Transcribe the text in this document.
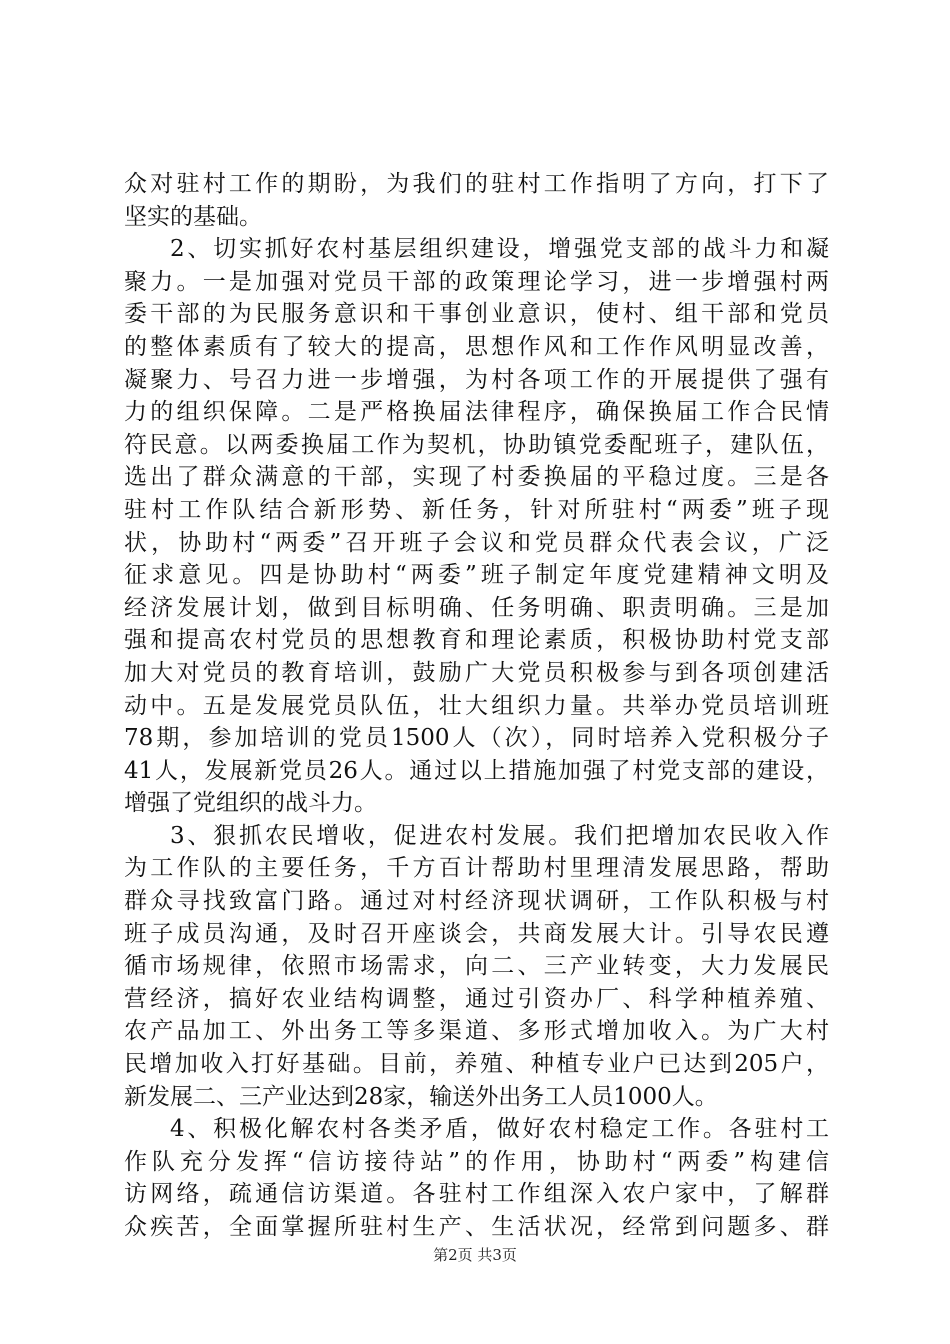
众对驻村工作的期盼，为我们的驻村工作指明了方向，打下了
坚实的基础。
2、切实抓好农村基层组织建设，增强党支部的战斗力和凝
聚力。一是加强对党员干部的政策理论学习，进一步增强村两
委干部的为民服务意识和干事创业意识，使村、组干部和党员
的整体素质有了较大的提高，思想作风和工作作风明显改善，
凝聚力、号召力进一步增强，为村各项工作的开展提供了强有
力的组织保障。二是严格换届法律程序，确保换届工作合民情
符民意。以两委换届工作为契机，协助镇党委配班子，建队伍，
选出了群众满意的干部，实现了村委换届的平稳过度。三是各
驻村工作队结合新形势、新任务，针对所驻村“两委”班子现
状，协助村“两委”召开班子会议和党员群众代表会议，广泛
征求意见。四是协助村“两委”班子制定年度党建精神文明及
经济发展计划，做到目标明确、任务明确、职责明确。三是加
强和提高农村党员的思想教育和理论素质，积极协助村党支部
加大对党员的教育培训，鼓励广大党员积极参与到各项创建活
动中。五是发展党员队伍，壮大组织力量。共举办党员培训班
78期，参加培训的党员1500人（次），同时培养入党积极分子
41人，发展新党员26人。通过以上措施加强了村党支部的建设，
增强了党组织的战斗力。
3、狠抓农民增收，促进农村发展。我们把增加农民收入作
为工作队的主要任务，千方百计帮助村里理清发展思路，帮助
群众寻找致富门路。通过对村经济现状调研，工作队积极与村
班子成员沟通，及时召开座谈会，共商发展大计。引导农民遵
循市场规律，依照市场需求，向二、三产业转变，大力发展民
营经济，搞好农业结构调整，通过引资办厂、科学种植养殖、
农产品加工、外出务工等多渠道、多形式增加收入。为广大村
民增加收入打好基础。目前，养殖、种植专业户已达到205户，
新发展二、三产业达到28家，输送外出务工人员1000人。
4、积极化解农村各类矛盾，做好农村稳定工作。各驻村工
作队充分发挥“信访接待站”的作用，协助村“两委”构建信
访网络，疏通信访渠道。各驻村工作组深入农户家中，了解群
众疾苦，全面掌握所驻村生产、生活状况，经常到问题多、群
第2页 共3页
